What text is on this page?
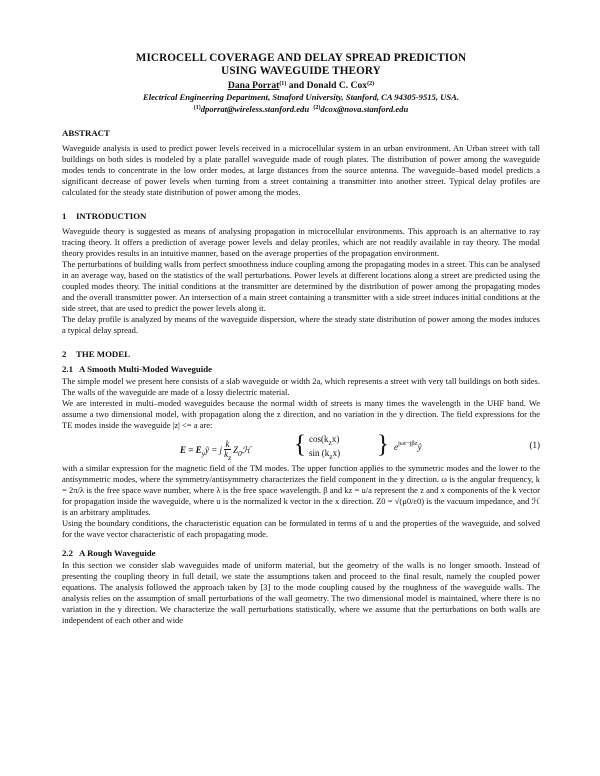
MICROCELL COVERAGE AND DELAY SPREAD PREDICTION
USING WAVEGUIDE THEORY
Dana Porrat$^{(1)}$ and Donald C. Cox$^{(2)}$
Electrical Engineering Department, Stnaford University, Stanford, CA 94305-9515, USA.
$^{(1)}$dporrat@wireless.stanford.edu $^{(2)}$dcox@nova.stanford.edu
ABSTRACT

Waveguide analysis is used to predict power levels received in a microcellular system in an urban environment. An Urban street with tall buildings on both sides is modeled by a plate parallel waveguide made of rough plates. The distribution of power among the waveguide modes tends to concentrate in the low order modes, at large distances from the source antenna. The waveguide–based model predicts a significant decrease of power levels when turning from a street containing a transmitter into another street. Typical delay profiles are calculated for the steady state distribution of power among the modes.

1 INTRODUCTION

Waveguide theory is suggested as means of analysing propagation in microcellular environments. This approach is an alternative to ray tracing theory. It offers a prediction of average power levels and delay proriles, which are not readily available in ray theory. The modal theory provides results in an intuitive manner, based on the average properties of the propagation environment.

The perturbations of building walls from perfect smoothness induce coupling among the propagating modes in a street. This can be analysed in an average way, based on the statistics of the wall perturbations. Power levels at different locations along a street are predicted using the coupled modes theory. The initial conditions at the transmitter are determined by the distribution of power among the propagating modes and the overall transmitter power. An intersection of a main street containing a transmitter with a side street induces initial conditions at the side street, that are used to predict the power levels along it.

The delay profile is analyzed by means of the waveguide dispersion, where the steady state distribution of power among the modes induces a typical delay spread.

2 THE MODEL
2.1 A Smooth Multi-Moded Waveguide

The simple model we present here consists of a slab waveguide or width 2a, which represents a street with very tall buildings on both sides. The walls of the waveguide are made of a lossy dielectric material.

We are interested in multi–moded waveguides because the normal width of streets is many times the wavelength in the UHF band. We assume a two dimensional model, with propagation along the z direction, and no variation in the y direction. The field expressions for the TE modes inside the waveguide |z| <= a are:

$E = E_yŷ = j \frac{k}{k_z}$ $Z_0ℋ$ { $\cos(k_zx)$
$\sin (k_zx)$ } $e^{j\omega t-j\beta z}ŷ$	(1)

with a similar expression for the magnetic field of the TM modes. The upper function applies to the symmetric modes and the lower to the antisymmetric modes, where the symmetry/antisymmetry characterizes the field component in the y direction. ω is the angular frequency, k = 2π/λ is the free space wave number, where λ is the free space wavelength. β and kz = u/a represent the z and x components of the k vector for propagation inside the waveguide, where u is the normalized k vector in the x direction. Z0 = √(μ0/ε0) is the vacuum impedance, and ℋ is an arbitrary amplitudes.

Using the boundary conditions, the characteristic equation can be formulated in terms of u and the properties of the waveguide, and solved for the wave vector characteristic of each propagating mode.

2.2 A Rough Waveguide

In this section we consider slab waveguides made of uniform material, but the geometry of the walls is no longer smooth. Instead of presenting the coupling theory in full detail, we state the assumptions taken and proceed to the final result, namely the coupled power equations. The analysis followed the approach taken by [3] to the mode coupling caused by the roughness of the waveguide walls. The analysis relies on the assumption of small perturbations of the wall geometry. The two dimensional model is maintained, where there is no variation in the y direction. We characterize the wall perturbations statistically, where we assume that the perturbations on both walls are independent of each other and wide
